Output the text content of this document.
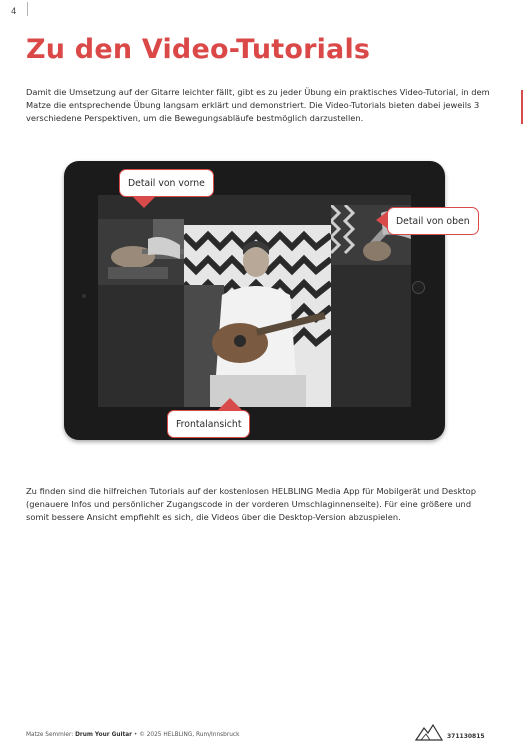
4
Zu den Video-Tutorials

Damit die Umsetzung auf der Gitarre leichter fällt, gibt es zu jeder Übung ein praktisches Video-Tutorial, in dem Matze die entsprechende Übung langsam erklärt und demonstriert. Die Video-Tutorials bieten dabei jeweils 3 verschiedene Perspektiven, um die Bewegungsabläufe bestmöglich darzustellen.

Detail von vorne
Detail von oben
Frontalansicht

Zu finden sind die hilfreichen Tutorials auf der kostenlosen HELBLING Media App für Mobilgerät und Desktop (genauere Infos und persönlicher Zugangscode in der vorderen Umschlaginnenseite). Für eine größere und somit bessere Ansicht empfiehlt es sich, die Videos über die Desktop-Version abzuspielen.

Matze Semmler: Drum Your Guitar • © 2025 HELBLING, Rum/Innsbruck	371130815
